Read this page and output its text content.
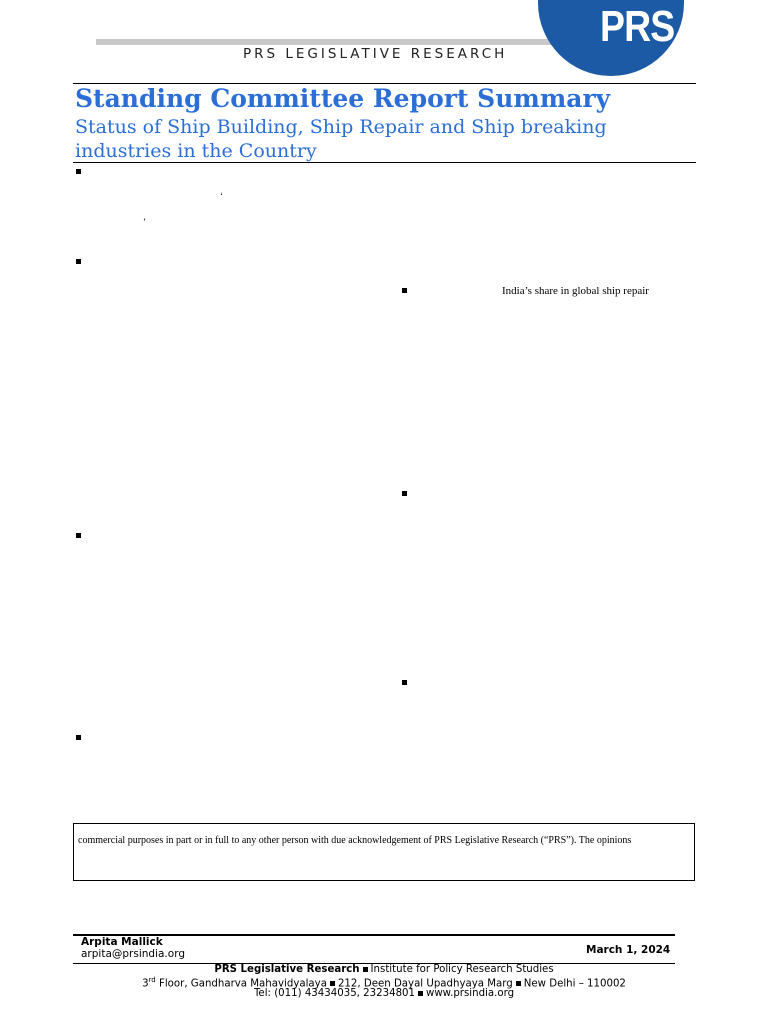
PRS
PRS LEGISLATIVE RESEARCH
Standing Committee Report Summary
Status of Ship Building, Ship Repair and Ship breaking industries in the Country
‘
’
India’s share in global ship repair
commercial purposes in part or in full to any other person with due acknowledgement of PRS Legislative Research (“PRS”). The opinions
Arpita Mallick
arpita@prsindia.org	March 1, 2024
PRS Legislative Research Institute for Policy Research Studies
3rd Floor, Gandharva Mahavidyalaya 212, Deen Dayal Upadhyaya Marg New Delhi – 110002
Tel: (011) 43434035, 23234801 www.prsindia.org
